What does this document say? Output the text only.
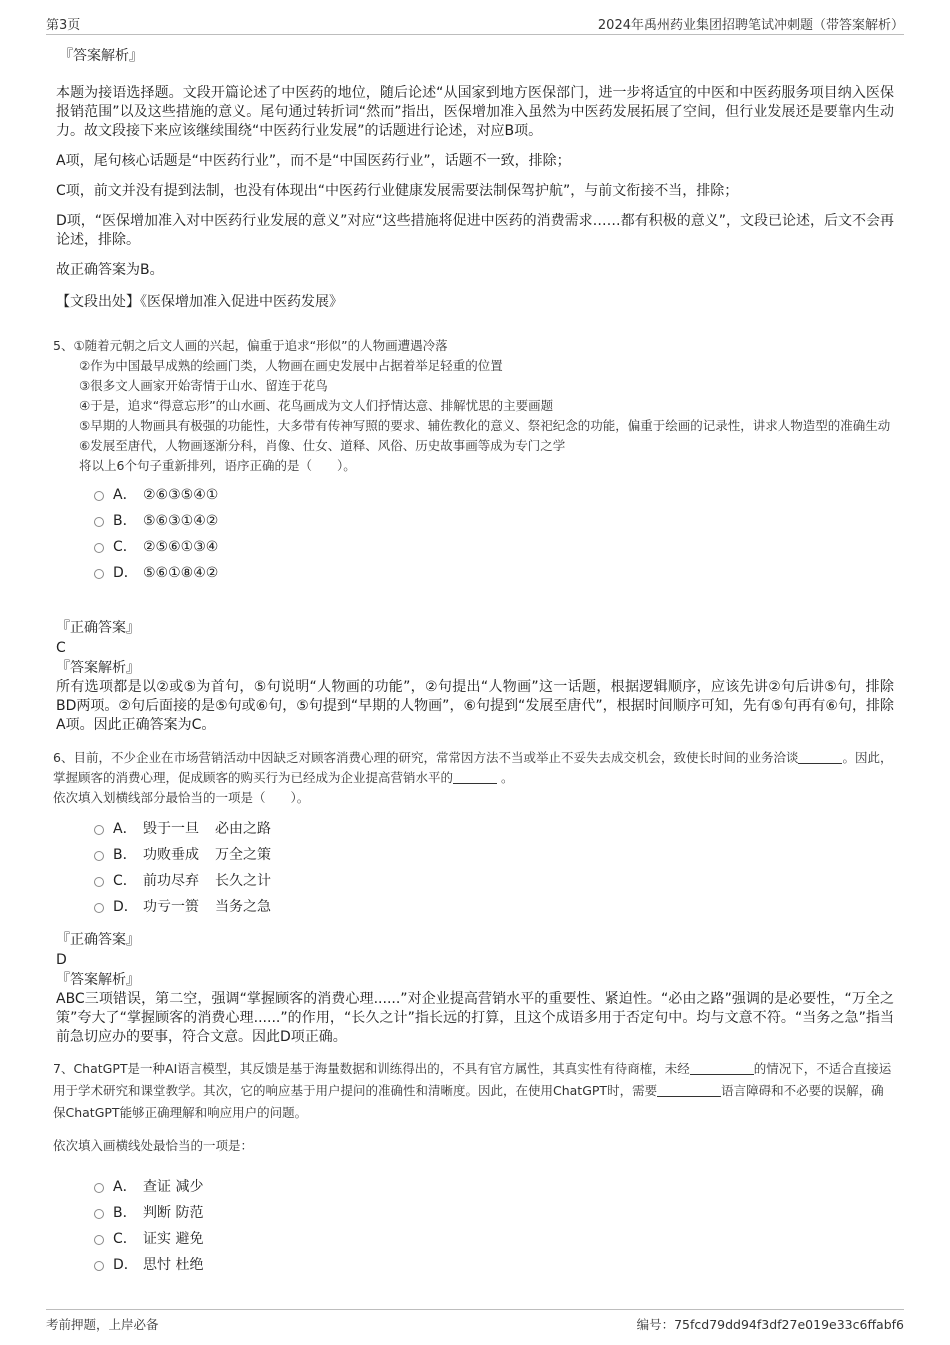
第3页	2024年禹州药业集团招聘笔试冲刺题（带答案解析）
『答案解析』

本题为接语选择题。文段开篇论述了中医药的地位，随后论述“从国家到地方医保部门，进一步将适宜的中医和中医药服务项目纳入医保报销范围”以及这些措施的意义。尾句通过转折词“然而”指出，医保增加准入虽然为中医药发展拓展了空间，但行业发展还是要靠内生动力。故文段接下来应该继续围绕“中医药行业发展”的话题进行论述，对应B项。

A项，尾句核心话题是“中医药行业”，而不是“中国医药行业”，话题不一致，排除；

C项，前文并没有提到法制，也没有体现出“中医药行业健康发展需要法制保驾护航”，与前文衔接不当，排除；

D项，“医保增加准入对中医药行业发展的意义”对应“这些措施将促进中医药的消费需求……都有积极的意义”，文段已论述，后文不会再论述，排除。

故正确答案为B。

【文段出处】《医保增加准入促进中医药发展》

5、①随着元朝之后文人画的兴起，偏重于追求“形似”的人物画遭遇冷落

②作为中国最早成熟的绘画门类，人物画在画史发展中占据着举足轻重的位置

③很多文人画家开始寄情于山水、留连于花鸟

④于是，追求“得意忘形”的山水画、花鸟画成为文人们抒情达意、排解忧思的主要画题

⑤早期的人物画具有极强的功能性，大多带有传神写照的要求、辅佐教化的意义、祭祀纪念的功能，偏重于绘画的记录性，讲求人物造型的准确生动

⑥发展至唐代，人物画逐渐分科，肖像、仕女、道释、风俗、历史故事画等成为专门之学

将以上6个句子重新排列，语序正确的是（　　）。

A． ②⑥③⑤④①
B． ⑤⑥③①④②
C． ②⑤⑥①③④
D． ⑤⑥①⑧④②
『正确答案』
C
『答案解析』

所有选项都是以②或⑤为首句，⑤句说明“人物画的功能”，②句提出“人物画”这一话题，根据逻辑顺序，应该先讲②句后讲⑤句，排除BD两项。②句后面接的是⑤句或⑥句，⑤句提到“早期的人物画”，⑥句提到“发展至唐代”，根据时间顺序可知，先有⑤句再有⑥句，排除A项。因此正确答案为C。

6、目前，不少企业在市场营销活动中因缺乏对顾客消费心理的研究，常常因方法不当或举止不妥失去成交机会，致使长时间的业务洽谈	。因此，掌握顾客的消费心理，促成顾客的购买行为已经成为企业提高营销水平的	。

依次填入划横线部分最恰当的一项是（　　）。

A． 毁于一旦 必由之路
B． 功败垂成 万全之策
C． 前功尽弃 长久之计
D． 功亏一篑 当务之急
『正确答案』
D
『答案解析』

ABC三项错误，第二空，强调“掌握顾客的消费心理......”对企业提高营销水平的重要性、紧迫性。“必由之路”强调的是必要性，“万全之策”夸大了“掌握顾客的消费心理......”的作用，“长久之计”指长远的打算，且这个成语多用于否定句中。均与文意不符。“当务之急”指当前急切应办的要事，符合文意。因此D项正确。

7、ChatGPT是一种AI语言模型，其反馈是基于海量数据和训练得出的，不具有官方属性，其真实性有待商榷，未经	的情况下，不适合直接运用于学术研究和课堂教学。其次，它的响应基于用户提问的准确性和清晰度。因此，在使用ChatGPT时，需要	语言障碍和不必要的误解，确保ChatGPT能够正确理解和响应用户的问题。

依次填入画横线处最恰当的一项是：

A． 查证 减少
B． 判断 防范
C． 证实 避免
D． 思忖 杜绝
考前押题，上岸必备	编号：75fcd79dd94f3df27e019e33c6ffabf6
